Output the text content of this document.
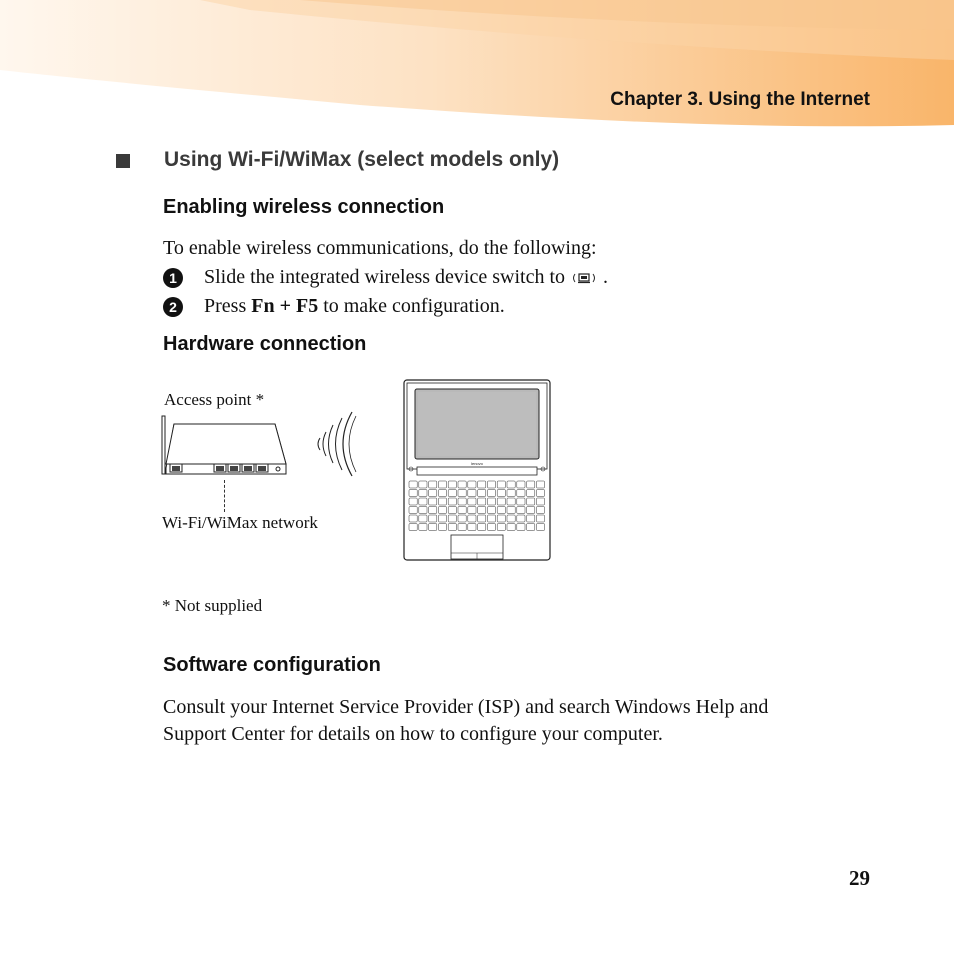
Chapter 3. Using the Internet
Using Wi-Fi/WiMax (select models only)
Enabling wireless connection
To enable wireless communications, do the following:
1	Slide the integrated wireless device switch to .
2	Press Fn + F5 to make configuration.
Hardware connection
Access point *
Wi-Fi/WiMax network
lenovo
* Not supplied
Software configuration
Consult your Internet Service Provider (ISP) and search Windows Help and
Support Center for details on how to configure your computer.
29
